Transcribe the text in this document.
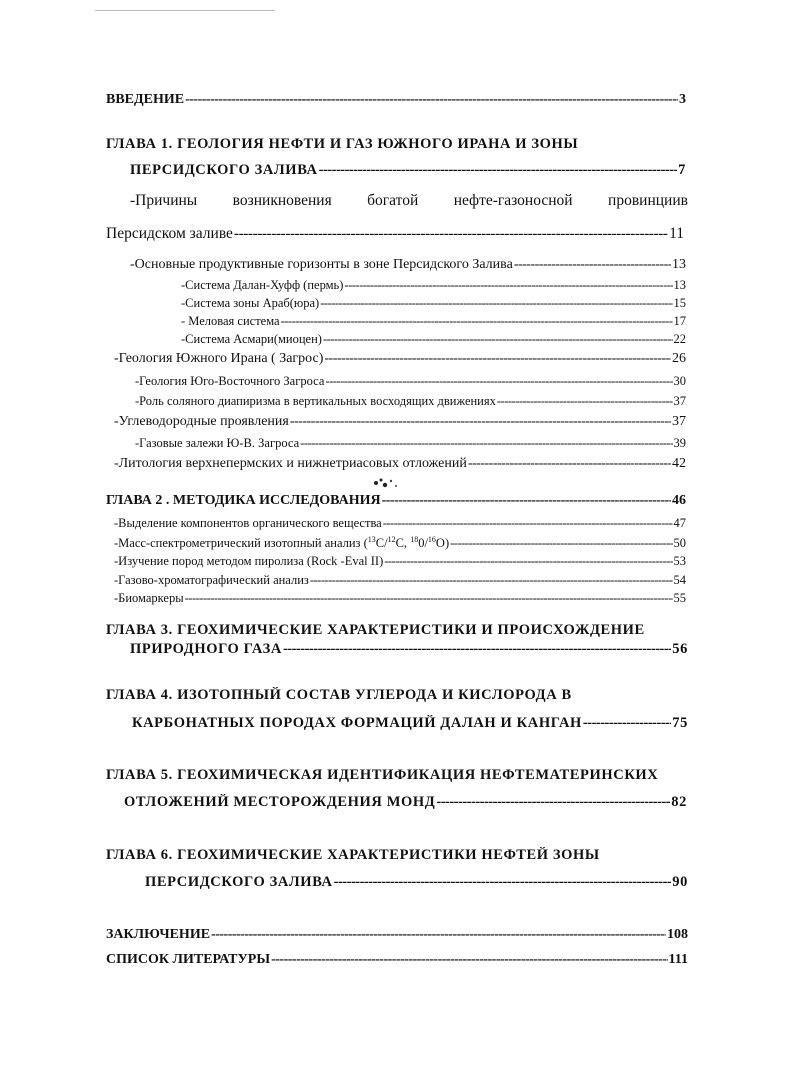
ВВЕДЕНИЕ -----	3
ГЛАВА 1. ГЕОЛОГИЯ НЕФТИ И ГАЗ ЮЖНОГО ИРАНА И ЗОНЫ
ПЕРСИДСКОГО ЗАЛИВА -----	7
-Причины возникновения богатой нефте-газоносной провинциив
Персидском заливе -----	11
-Основные продуктивные горизонты в зоне Персидского Залива -----	13
-Система Далан-Хуфф (пермь) -----	13
-Система зоны Араб(юра) -----	15
- Меловая система -----	17
-Система Асмари(миоцен) -----	22
-Геология Южного Ирана ( Загрос) -----	26
-Геология Юго-Восточного Загроса -----	30
-Роль соляного диапиризма в вертикальных восходящих движениях -----	37
-Углеводородные проявления -----	37
-Газовые залежи Ю-В. Загроса -----	39
-Литология верхнепермских и нижнетриасовых отложений -----	42
ГЛАВА 2 . МЕТОДИКА ИССЛЕДОВАНИЯ -----	46
-Выделение компонентов органического вещества -----	47
-Масс-спектрометрический изотопный анализ ($^{13}$C/$^{12}$C, $^{18}$0/$^{16}$O) -----	50
-Изучение пород методом пиролиза (Rock -Eval II) -----	53
-Газово-хроматографический анализ -----	54
-Биомаркеры -----	55
ГЛАВА 3. ГЕОХИМИЧЕСКИЕ ХАРАКТЕРИСТИКИ И ПРОИСХОЖДЕНИЕ
ПРИРОДНОГО ГАЗА -----	56
ГЛАВА 4. ИЗОТОПНЫЙ СОСТАВ УГЛЕРОДА И КИСЛОРОДА В
КАРБОНАТНЫХ ПОРОДАХ ФОРМАЦИЙ ДАЛАН И КАНГАН -----	75
ГЛАВА 5. ГЕОХИМИЧЕСКАЯ ИДЕНТИФИКАЦИЯ НЕФТЕМАТЕРИНСКИХ
ОТЛОЖЕНИЙ МЕСТОРОЖДЕНИЯ МОНД -----	82
ГЛАВА 6. ГЕОХИМИЧЕСКИЕ ХАРАКТЕРИСТИКИ НЕФТЕЙ ЗОНЫ
ПЕРСИДСКОГО ЗАЛИВА -----	90
ЗАКЛЮЧЕНИЕ -----	108
СПИСОК ЛИТЕРАТУРЫ -----	111
